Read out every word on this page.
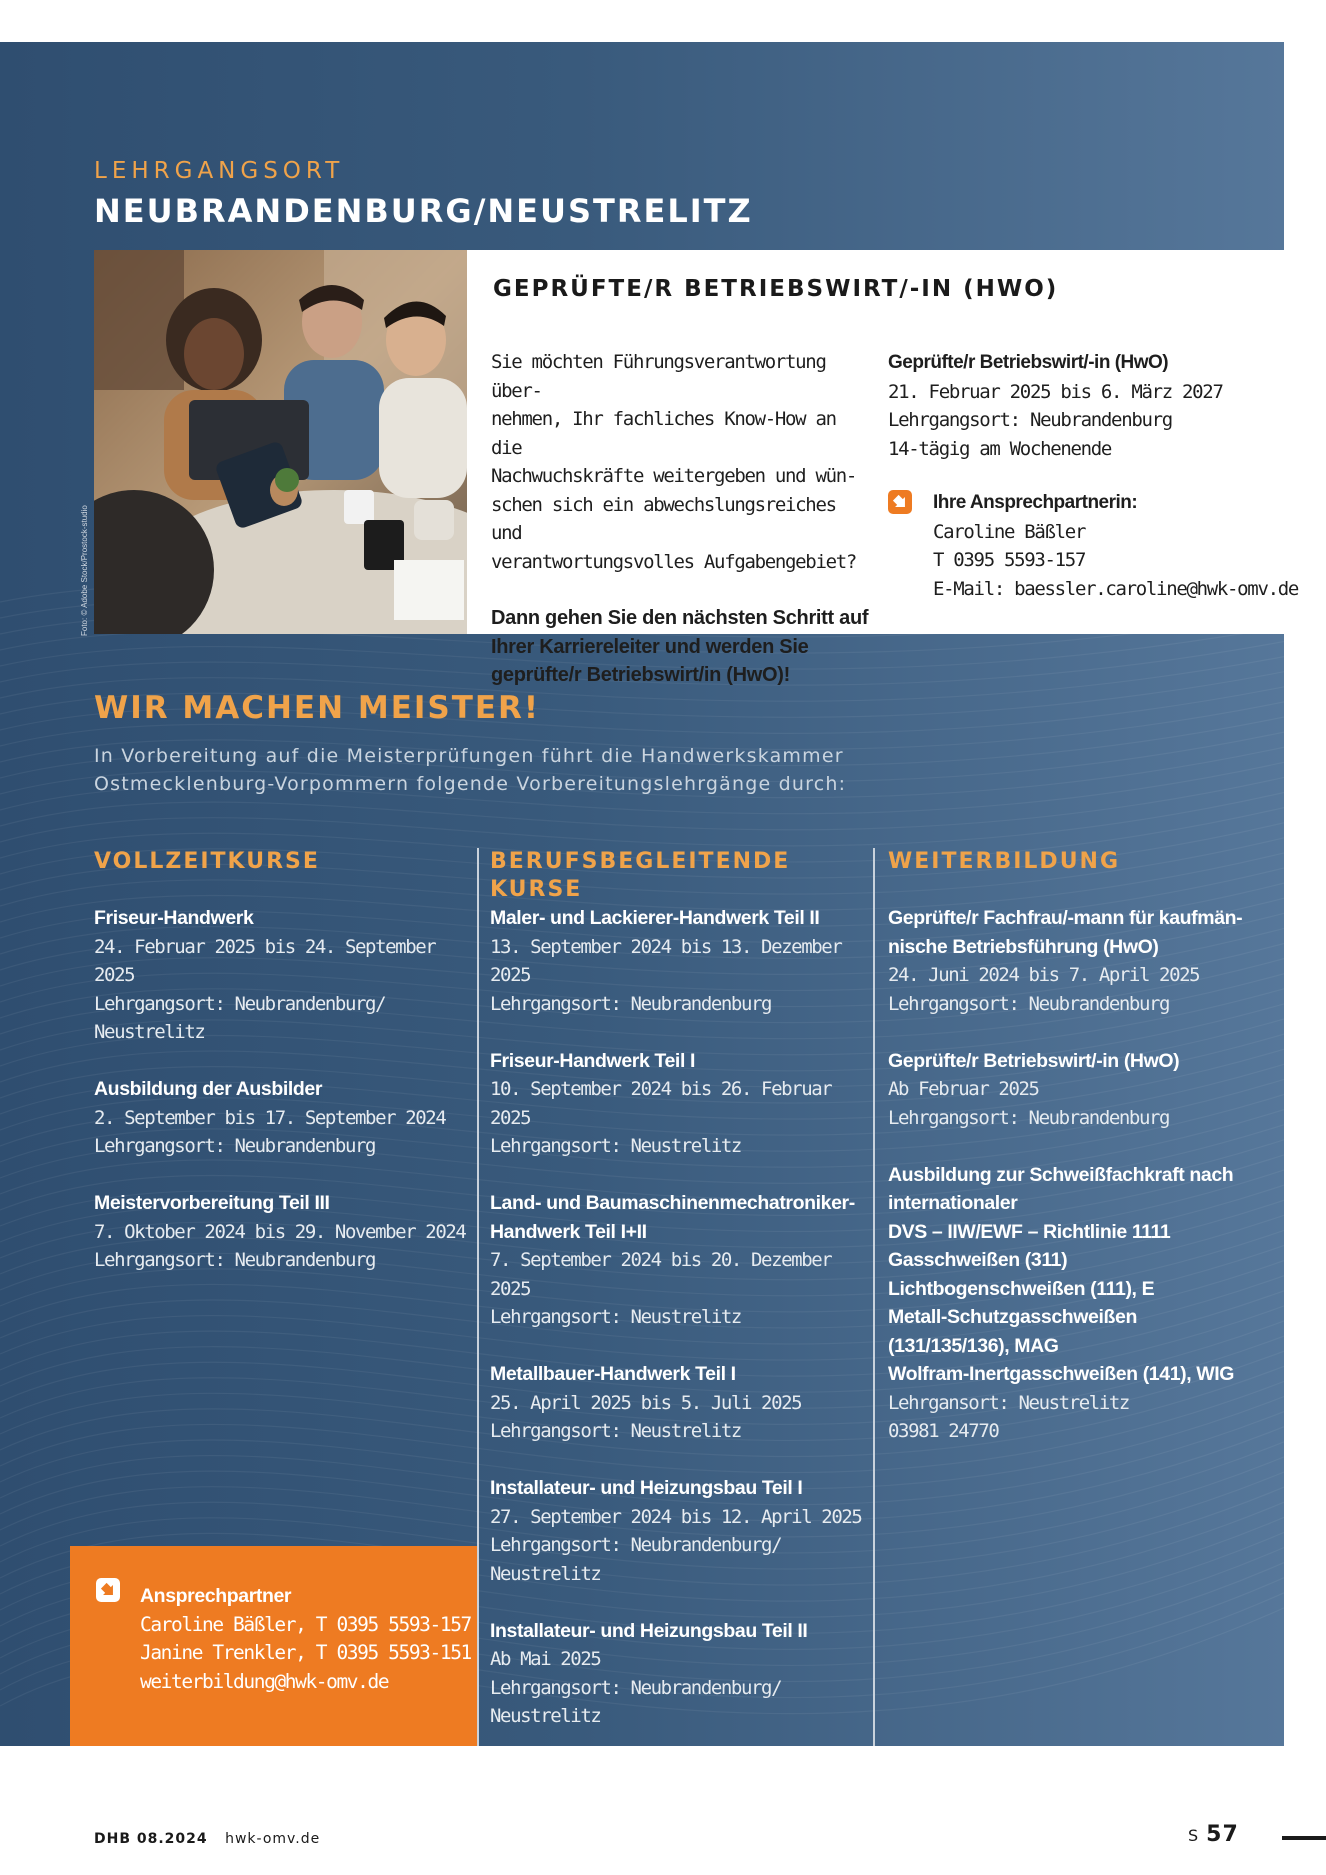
LEHRGANGSORT
NEUBRANDENBURG/NEUSTRELITZ
GEPRÜFTE/R BETRIEBSWIRT/-IN (HWO)
Sie möchten Führungsverantwortung über-
nehmen, Ihr fachliches Know-How an die
Nachwuchskräfte weitergeben und wün-
schen sich ein abwechslungsreiches und
verantwortungsvolles Aufgabengebiet?
Dann gehen Sie den nächsten Schritt auf
Ihrer Karriereleiter und werden Sie
geprüfte/r Betriebswirt/in (HwO)!
Geprüfte/r Betriebswirt/-in (HwO)
21. Februar 2025 bis 6. März 2027
Lehrgangsort: Neubrandenburg
14-tägig am Wochenende
Ihre Ansprechpartnerin:
Caroline Bäßler
T 0395 5593-157
E-Mail: baessler.caroline@hwk-omv.de
Foto: © Adobe Stock/Prostock-studio
WIR MACHEN MEISTER!
In Vorbereitung auf die Meisterprüfungen führt die Handwerkskammer
Ostmecklenburg-Vorpommern folgende Vorbereitungslehrgänge durch:
VOLLZEITKURSE
Friseur-Handwerk
24. Februar 2025 bis 24. September 2025
Lehrgangsort: Neubrandenburg/
Neustrelitz
Ausbildung der Ausbilder
2. September bis 17. September 2024
Lehrgangsort: Neubrandenburg
Meistervorbereitung Teil III
7. Oktober 2024 bis 29. November 2024
Lehrgangsort: Neubrandenburg
BERUFSBEGLEITENDE
KURSE
Maler- und Lackierer-Handwerk Teil II
13. September 2024 bis 13. Dezember 2025
Lehrgangsort: Neubrandenburg
Friseur-Handwerk Teil I
10. September 2024 bis 26. Februar 2025
Lehrgangsort: Neustrelitz
Land- und Baumaschinenmechatroniker-
Handwerk Teil I+II
7. September 2024 bis 20. Dezember 2025
Lehrgangsort: Neustrelitz
Metallbauer-Handwerk Teil I
25. April 2025 bis 5. Juli 2025
Lehrgangsort: Neustrelitz
Installateur- und Heizungsbau Teil I
27. September 2024 bis 12. April 2025
Lehrgangsort: Neubrandenburg/
Neustrelitz
Installateur- und Heizungsbau Teil II
Ab Mai 2025
Lehrgangsort: Neubrandenburg/
Neustrelitz
WEITERBILDUNG
Geprüfte/r Fachfrau/-mann für kaufmän-
nische Betriebsführung (HwO)
24. Juni 2024 bis 7. April 2025
Lehrgangsort: Neubrandenburg
Geprüfte/r Betriebswirt/-in (HwO)
Ab Februar 2025
Lehrgangsort: Neubrandenburg
Ausbildung zur Schweißfachkraft nach
internationaler
DVS – IIW/EWF – Richtlinie 1111
Gasschweißen (311)
Lichtbogenschweißen (111), E
Metall-Schutzgasschweißen
(131/135/136), MAG
Wolfram-Inertgasschweißen (141), WIG
Lehrgansort: Neustrelitz
03981 24770
Ansprechpartner
Caroline Bäßler, T 0395 5593-157
Janine Trenkler, T 0395 5593-151
weiterbildung@hwk-omv.de
DHB 08.2024 hwk-omv.de	S 57
